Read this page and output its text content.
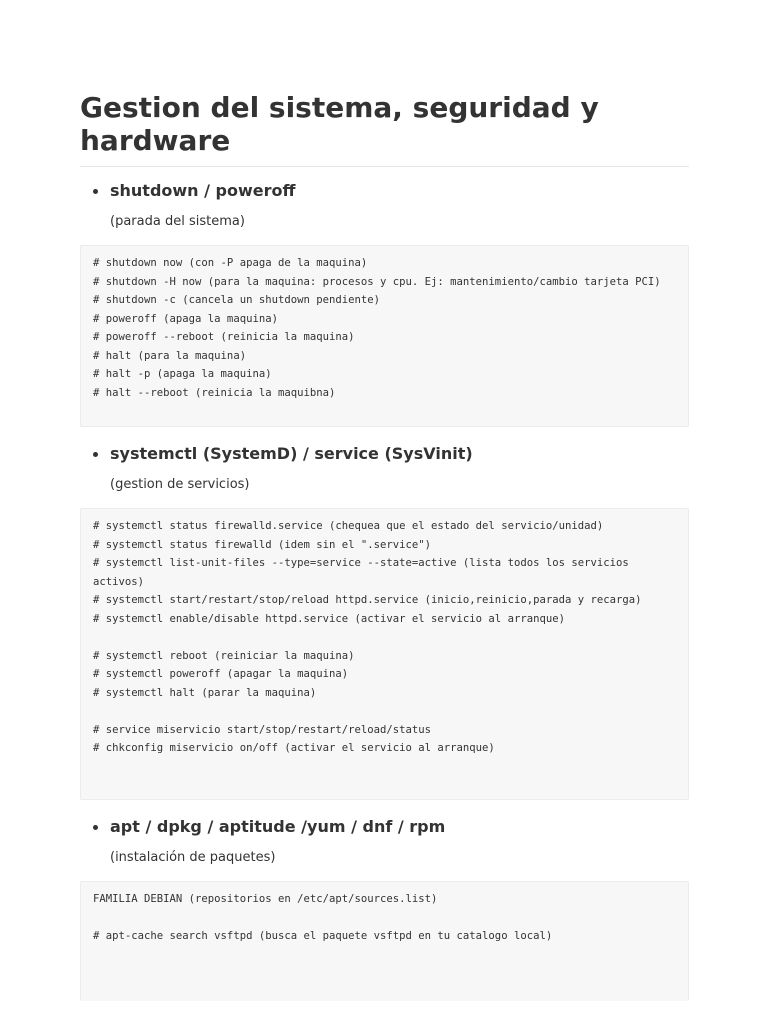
Gestion del sistema, seguridad y hardware
shutdown / poweroff
(parada del sistema)
# shutdown now (con -P apaga de la maquina)
# shutdown -H now (para la maquina: procesos y cpu. Ej: mantenimiento/cambio tarjeta PCI)
# shutdown -c (cancela un shutdown pendiente)
# poweroff (apaga la maquina)
# poweroff --reboot (reinicia la maquina)
# halt (para la maquina)
# halt -p (apaga la maquina)
# halt --reboot (reinicia la maquibna)
systemctl (SystemD) / service (SysVinit)
(gestion de servicios)
# systemctl status firewalld.service (chequea que el estado del servicio/unidad)
# systemctl status firewalld (idem sin el ".service")
# systemctl list-unit-files --type=service --state=active (lista todos los servicios activos)
# systemctl start/restart/stop/reload httpd.service (inicio,reinicio,parada y recarga)
# systemctl enable/disable httpd.service (activar el servicio al arranque)

# systemctl reboot (reiniciar la maquina)
# systemctl poweroff (apagar la maquina)
# systemctl halt (parar la maquina)

# service miservicio start/stop/restart/reload/status
# chkconfig miservicio on/off (activar el servicio al arranque)
apt / dpkg / aptitude /yum / dnf / rpm
(instalación de paquetes)
FAMILIA DEBIAN (repositorios en /etc/apt/sources.list)

# apt-cache search vsftpd (busca el paquete vsftpd en tu catalogo local)
